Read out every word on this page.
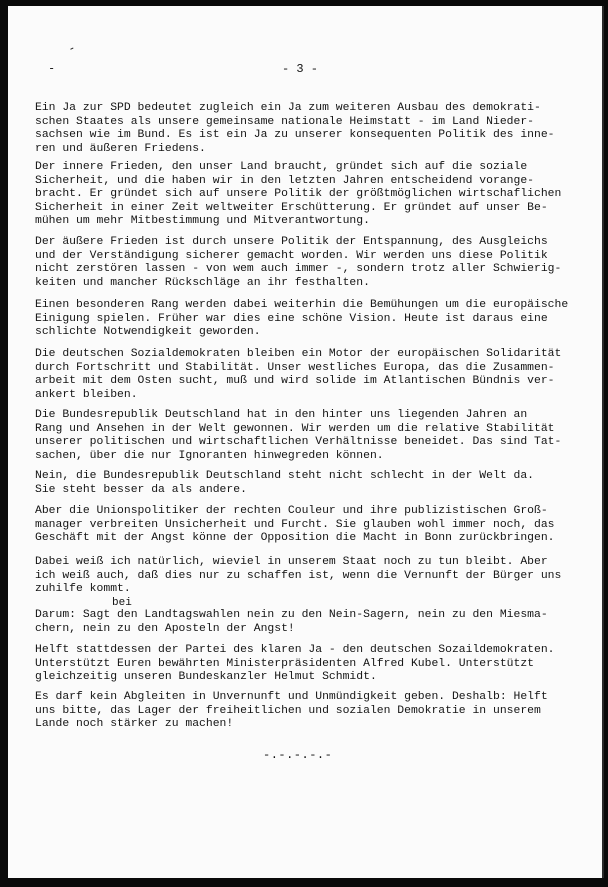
-
-	- 3 -

Ein Ja zur SPD bedeutet zugleich ein Ja zum weiteren Ausbau des demokrati-
schen Staates als unsere gemeinsame nationale Heimstatt - im Land Nieder-
sachsen wie im Bund. Es ist ein Ja zu unserer konsequenten Politik des inne-
ren und äußeren Friedens.

Der innere Frieden, den unser Land braucht, gründet sich auf die soziale
Sicherheit, und die haben wir in den letzten Jahren entscheidend vorange-
bracht. Er gründet sich auf unsere Politik der größtmöglichen wirtschaflichen
Sicherheit in einer Zeit weltweiter Erschütterung. Er gründet auf unser Be-
mühen um mehr Mitbestimmung und Mitverantwortung.

Der äußere Frieden ist durch unsere Politik der Entspannung, des Ausgleichs
und der Verständigung sicherer gemacht worden. Wir werden uns diese Politik
nicht zerstören lassen - von wem auch immer -, sondern trotz aller Schwierig-
keiten und mancher Rückschläge an ihr festhalten.

Einen besonderen Rang werden dabei weiterhin die Bemühungen um die europäische
Einigung spielen. Früher war dies eine schöne Vision. Heute ist daraus eine
schlichte Notwendigkeit geworden.

Die deutschen Sozialdemokraten bleiben ein Motor der europäischen Solidarität
durch Fortschritt und Stabilität. Unser westliches Europa, das die Zusammen-
arbeit mit dem Osten sucht, muß und wird solide im Atlantischen Bündnis ver-
ankert bleiben.

Die Bundesrepublik Deutschland hat in den hinter uns liegenden Jahren an
Rang und Ansehen in der Welt gewonnen. Wir werden um die relative Stabilität
unserer politischen und wirtschaftlichen Verhältnisse beneidet. Das sind Tat-
sachen, über die nur Ignoranten hinwegreden können.

Nein, die Bundesrepublik Deutschland steht nicht schlecht in der Welt da.
Sie steht besser da als andere.

Aber die Unionspolitiker der rechten Couleur und ihre publizistischen Groß-
manager verbreiten Unsicherheit und Furcht. Sie glauben wohl immer noch, das
Geschäft mit der Angst könne der Opposition die Macht in Bonn zurückbringen.

Dabei weiß ich natürlich, wieviel in unserem Staat noch zu tun bleibt. Aber
ich weiß auch, daß dies nur zu schaffen ist, wenn die Vernunft der Bürger uns
zuhilfe kommt.

bei

Darum: Sagt den Landtagswahlen nein zu den Nein-Sagern, nein zu den Miesma-
chern, nein zu den Aposteln der Angst!

Helft stattdessen der Partei des klaren Ja - den deutschen Sozaildemokraten.
Unterstützt Euren bewährten Ministerpräsidenten Alfred Kubel. Unterstützt
gleichzeitig unseren Bundeskanzler Helmut Schmidt.

Es darf kein Abgleiten in Unvernunft und Unmündigkeit geben. Deshalb: Helft
uns bitte, das Lager der freiheitlichen und sozialen Demokratie in unserem
Lande noch stärker zu machen!

-.-.-.-.-
